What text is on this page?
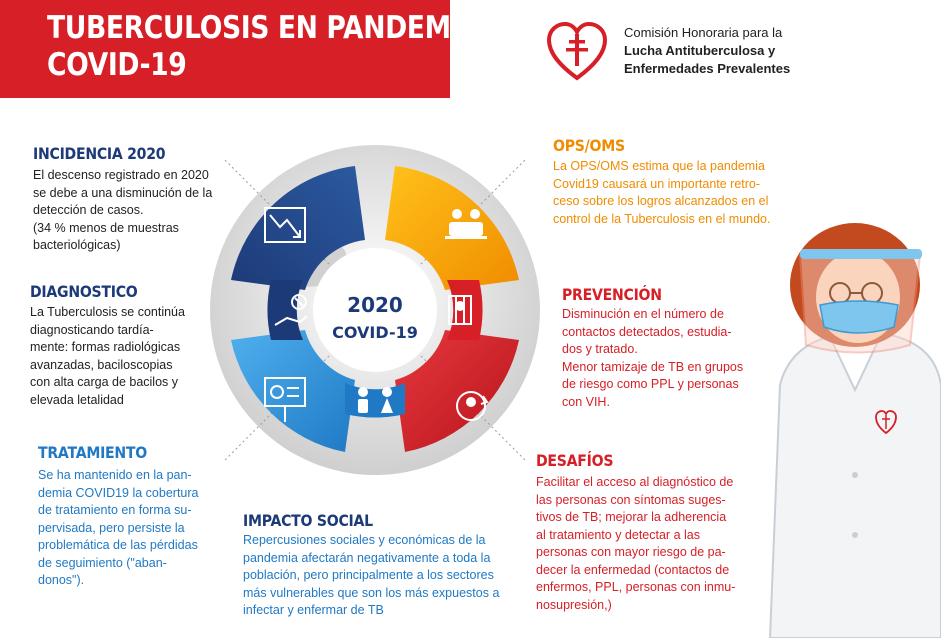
TUBERCULOSIS EN PANDEMIA
COVID-19
Comisión Honoraria para la
Lucha Antituberculosa y
Enfermedades Prevalentes
INCIDENCIA 2020

El descenso registrado en 2020
se debe a una disminución de la
detección de casos.
(34 % menos de muestras
bacteriológicas)

DIAGNOSTICO

La Tuberculosis se continúa
diagnosticando tardía-
mente: formas radiológicas
avanzadas, baciloscopias
con alta carga de bacilos y
elevada letalidad

TRATAMIENTO

Se ha mantenido en la pan-
demia COVID19 la cobertura
de tratamiento en forma su-
pervisada, pero persiste la
problemática de las pérdidas
de seguimiento ("aban-
donos").

IMPACTO SOCIAL

Repercusiones sociales y económicas de la
pandemia afectarán negativamente a toda la
población, pero principalmente a los sectores
más vulnerables que son los más expuestos a
infectar y enfermar de TB

OPS/OMS

La OPS/OMS estima que la pandemia
Covid19 causará un importante retro-
ceso sobre los logros alcanzados en el
control de la Tuberculosis en el mundo.

PREVENCIÓN

Disminución en el número de
contactos detectados, estudia-
dos y tratado.
Menor tamizaje de TB en grupos
de riesgo como PPL y personas
con VIH.

DESAFÍOS

Facilitar el acceso al diagnóstico de
las personas con síntomas suges-
tivos de TB; mejorar la adherencia
al tratamiento y detectar a las
personas con mayor riesgo de pa-
decer la enfermedad (contactos de
enfermos, PPL, personas con inmu-
nosupresión,)

2020
COVID-19
